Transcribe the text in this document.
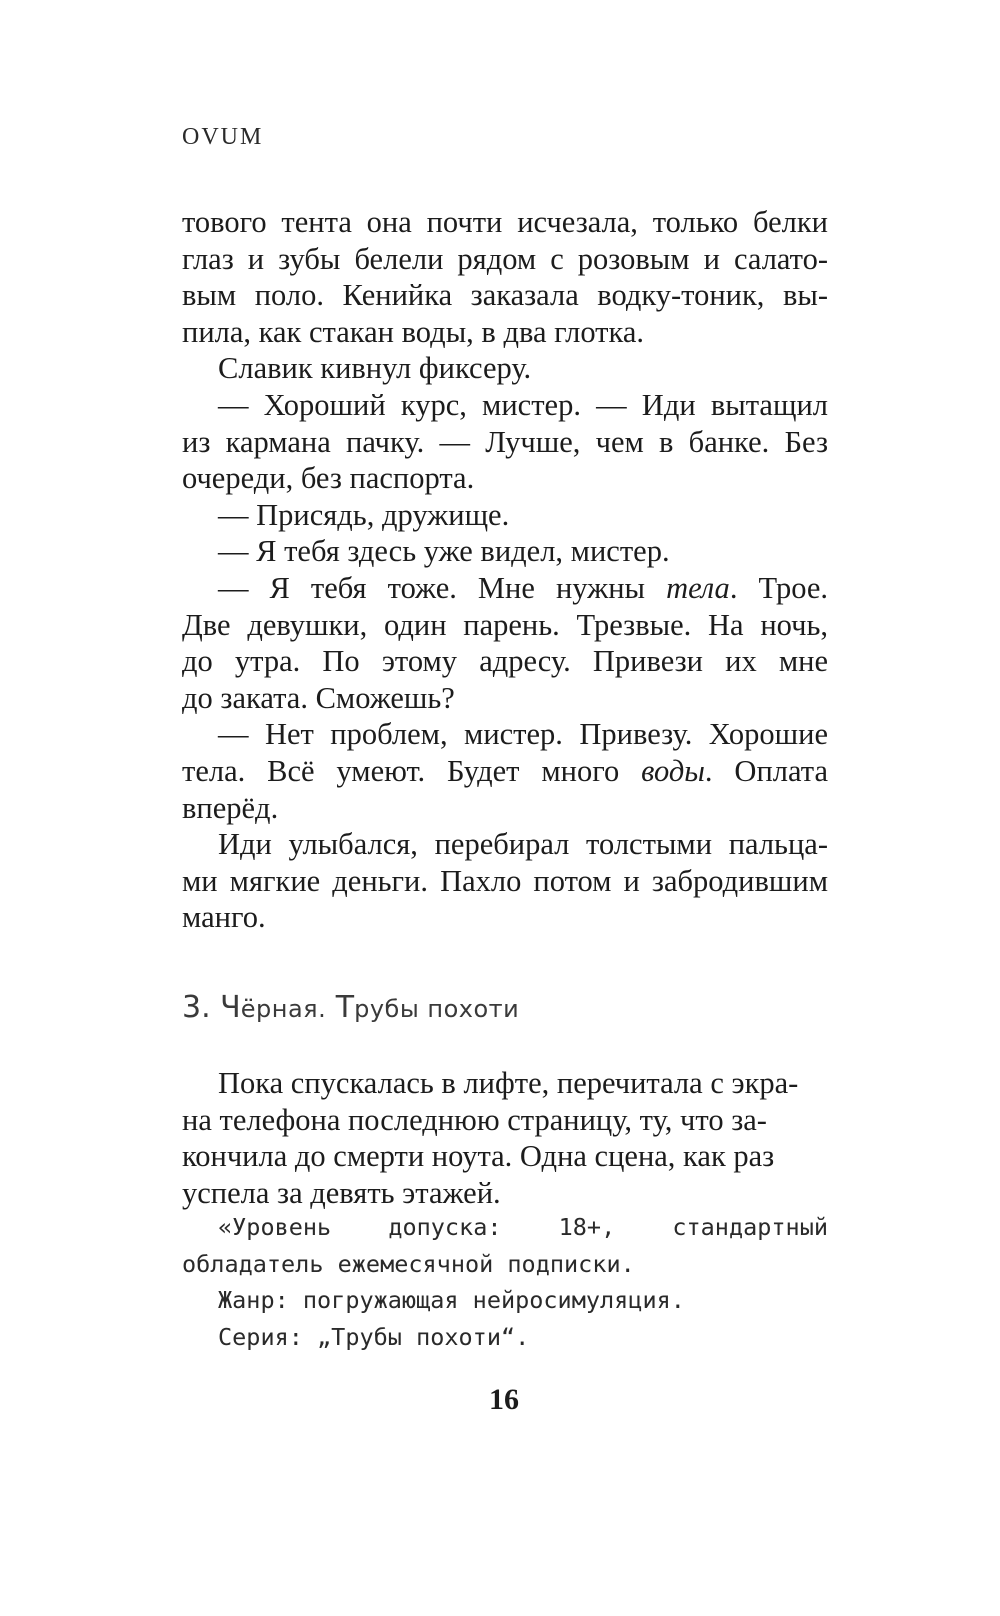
OVUM

тового тента она почти исчезала, только белки

глаз и зубы белели рядом с розовым и салато-

вым поло. Кенийка заказала водку-тоник, вы-

пила, как стакан воды, в два глотка.

Славик кивнул фиксеру.

— Хороший курс, мистер. — Иди вытащил

из кармана пачку. — Лучше, чем в банке. Без

очереди, без паспорта.

— Присядь, дружище.

— Я тебя здесь уже видел, мистер.

— Я тебя тоже. Мне нужны тела. Трое.

Две девушки, один парень. Трезвые. На ночь,

до утра. По этому адресу. Привези их мне

до заката. Сможешь?

— Нет проблем, мистер. Привезу. Хорошие

тела. Всё умеют. Будет много воды. Оплата

вперёд.

Иди улыбался, перебирал толстыми пальца-

ми мягкие деньги. Пахло потом и забродившим

манго.

3. Чёрная. Трубы похоти

Пока спускалась в лифте, перечитала с экра-

на телефона последнюю страницу, ту, что за-

кончила до смерти ноута. Одна сцена, как раз

успела за девять этажей.

«Уровень допуска: 18+, стандартный

обладатель ежемесячной подписки.

Жанр: погружающая нейросимуляция.

Серия: „Трубы похоти“.

16
